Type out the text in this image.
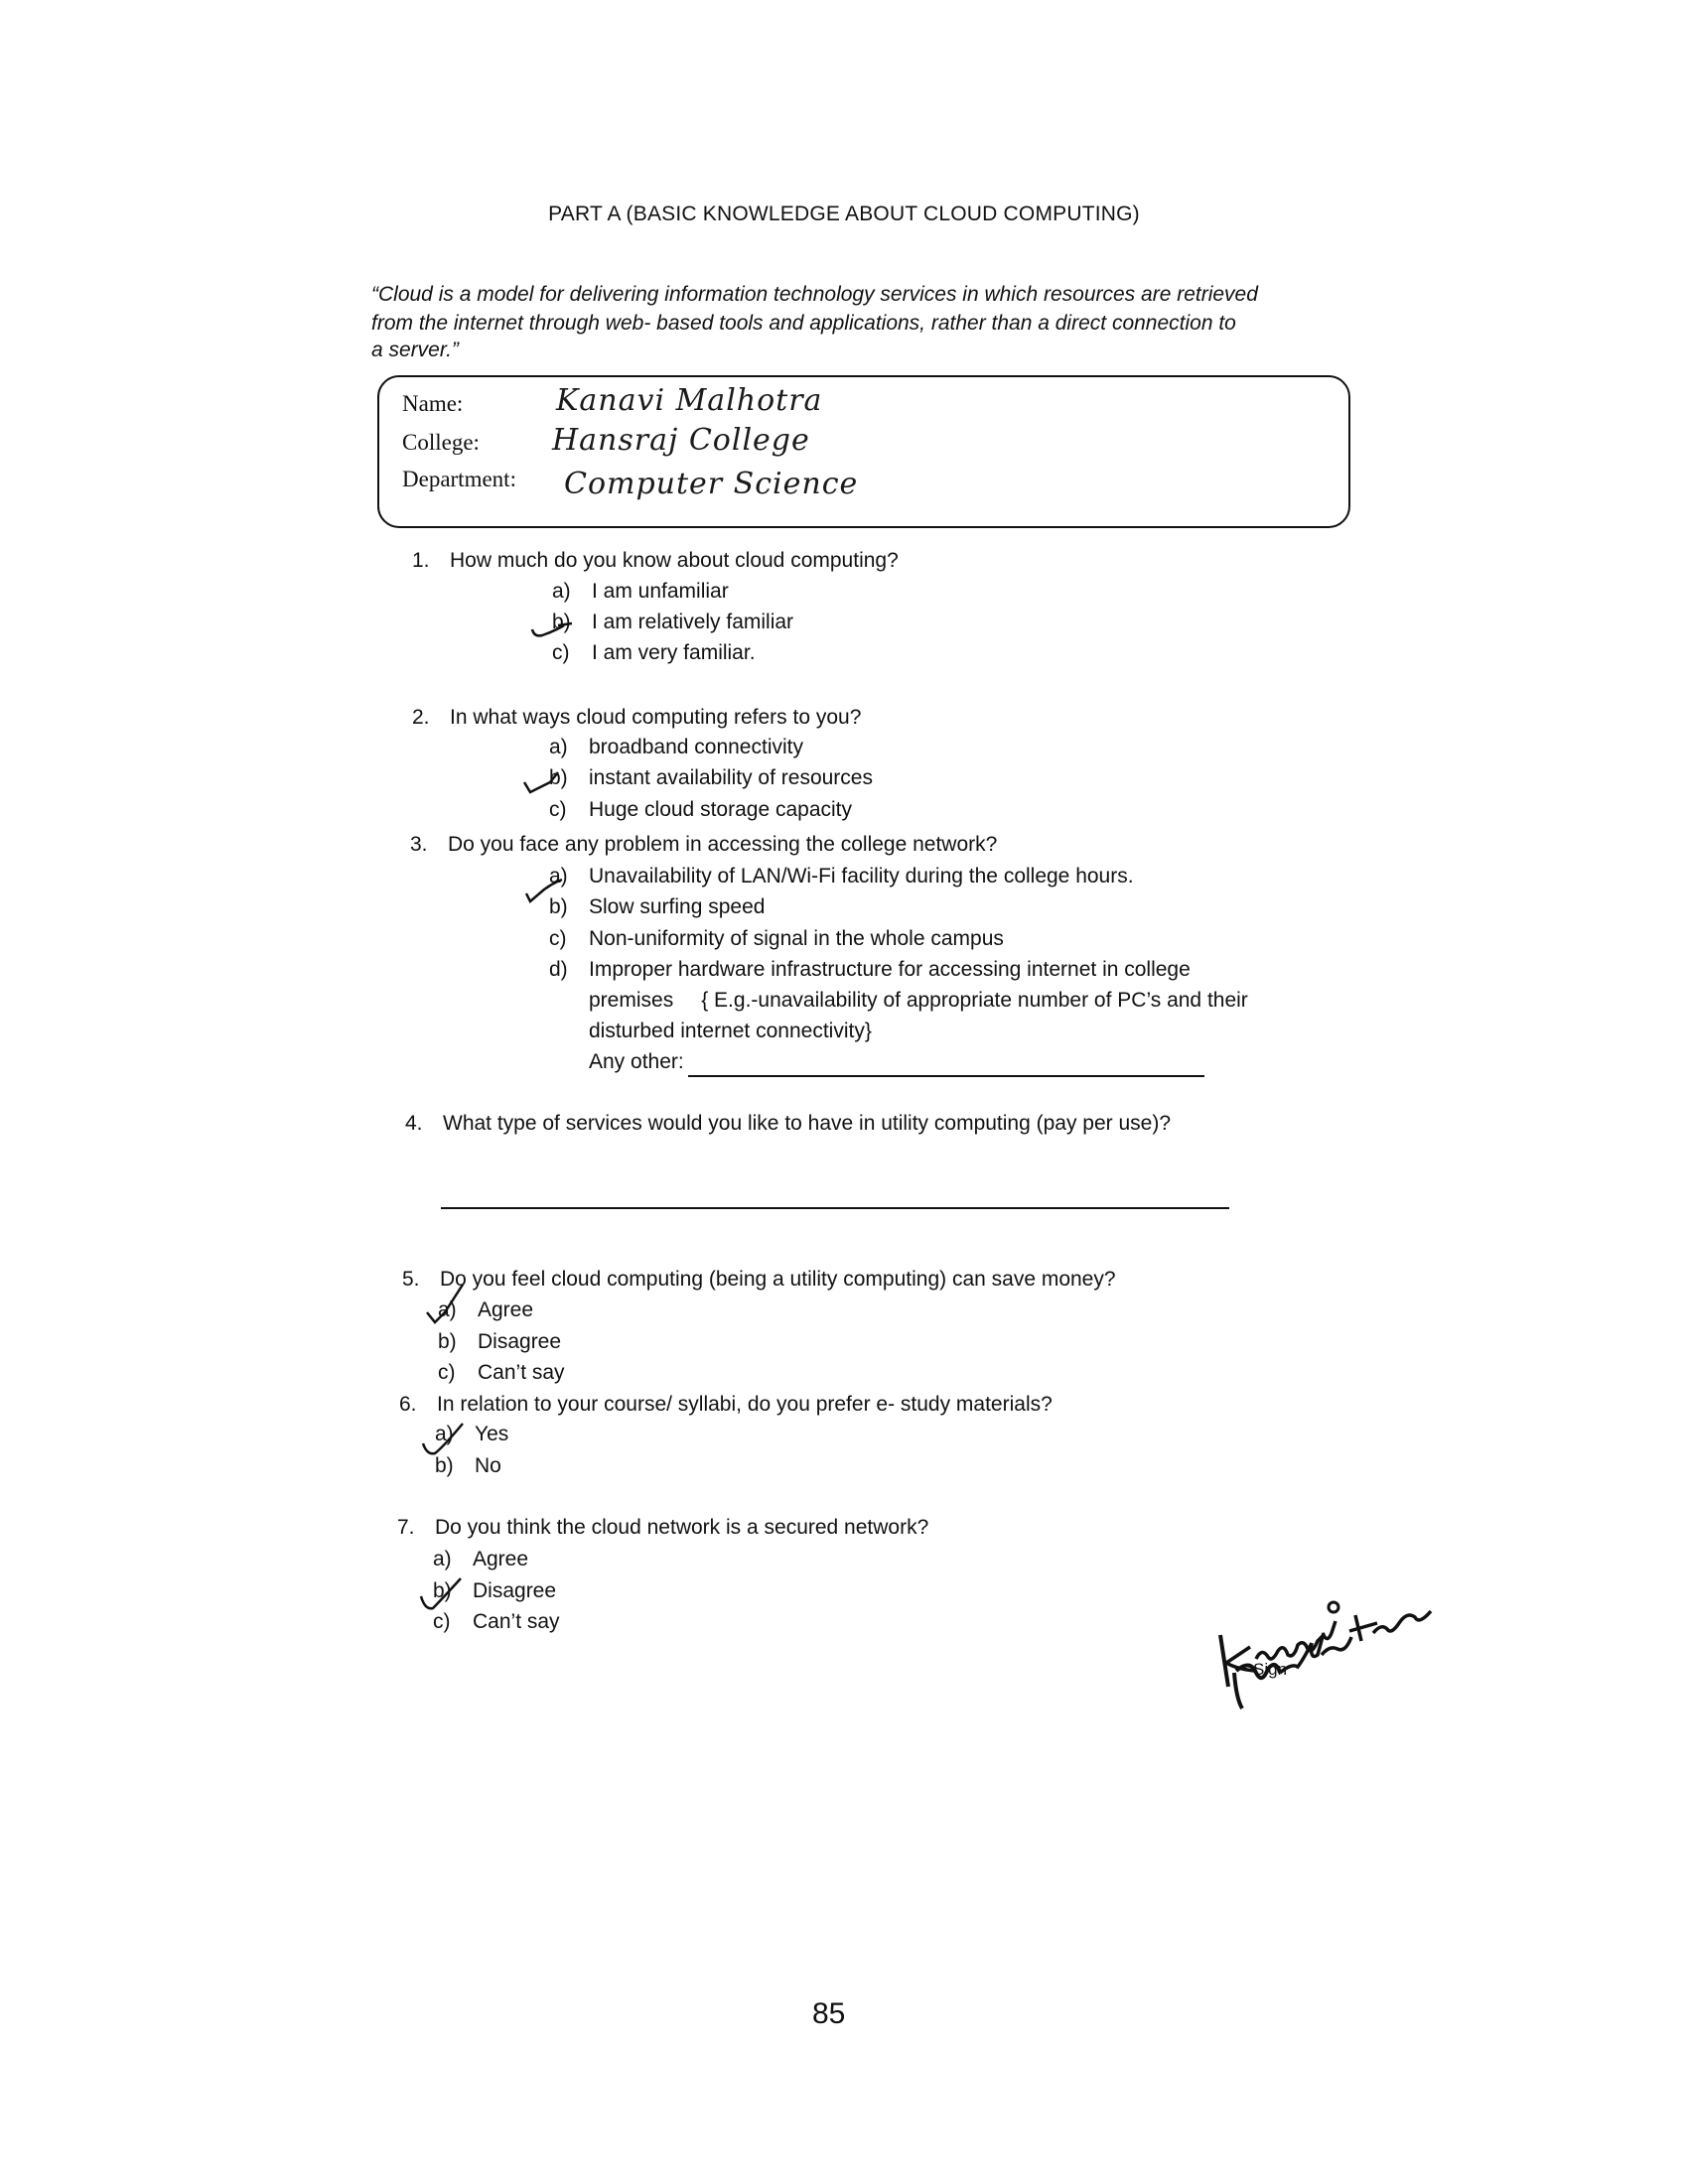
PART A (BASIC KNOWLEDGE ABOUT CLOUD COMPUTING)
“Cloud is a model for delivering information technology services in which resources are retrieved
from the internet through web- based tools and applications, rather than a direct connection to
a server.”
Name:	Kanavi Malhotra
College: Hansraj College
Department: Computer Science
1. How much do you know about cloud computing?
a) I am unfamiliar
b) I am relatively familiar
c) I am very familiar.
2. In what ways cloud computing refers to you?
a) broadband connectivity
b) instant availability of resources
c) Huge cloud storage capacity
3. Do you face any problem in accessing the college network?
a) Unavailability of LAN/Wi-Fi facility during the college hours.
b) Slow surfing speed
c) Non-uniformity of signal in the whole campus
d) Improper hardware infrastructure for accessing internet in college
premises { E.g.-unavailability of appropriate number of PC’s and their
disturbed internet connectivity}
Any other:
4. What type of services would you like to have in utility computing (pay per use)?
5. Do you feel cloud computing (being a utility computing) can save money?
a) Agree
b) Disagree
c) Can’t say
6. In relation to your course/ syllabi, do you prefer e- study materials?
a) Yes
b) No
7. Do you think the cloud network is a secured network?
a) Agree
b) Disagree
c) Can’t say
Sign
85
